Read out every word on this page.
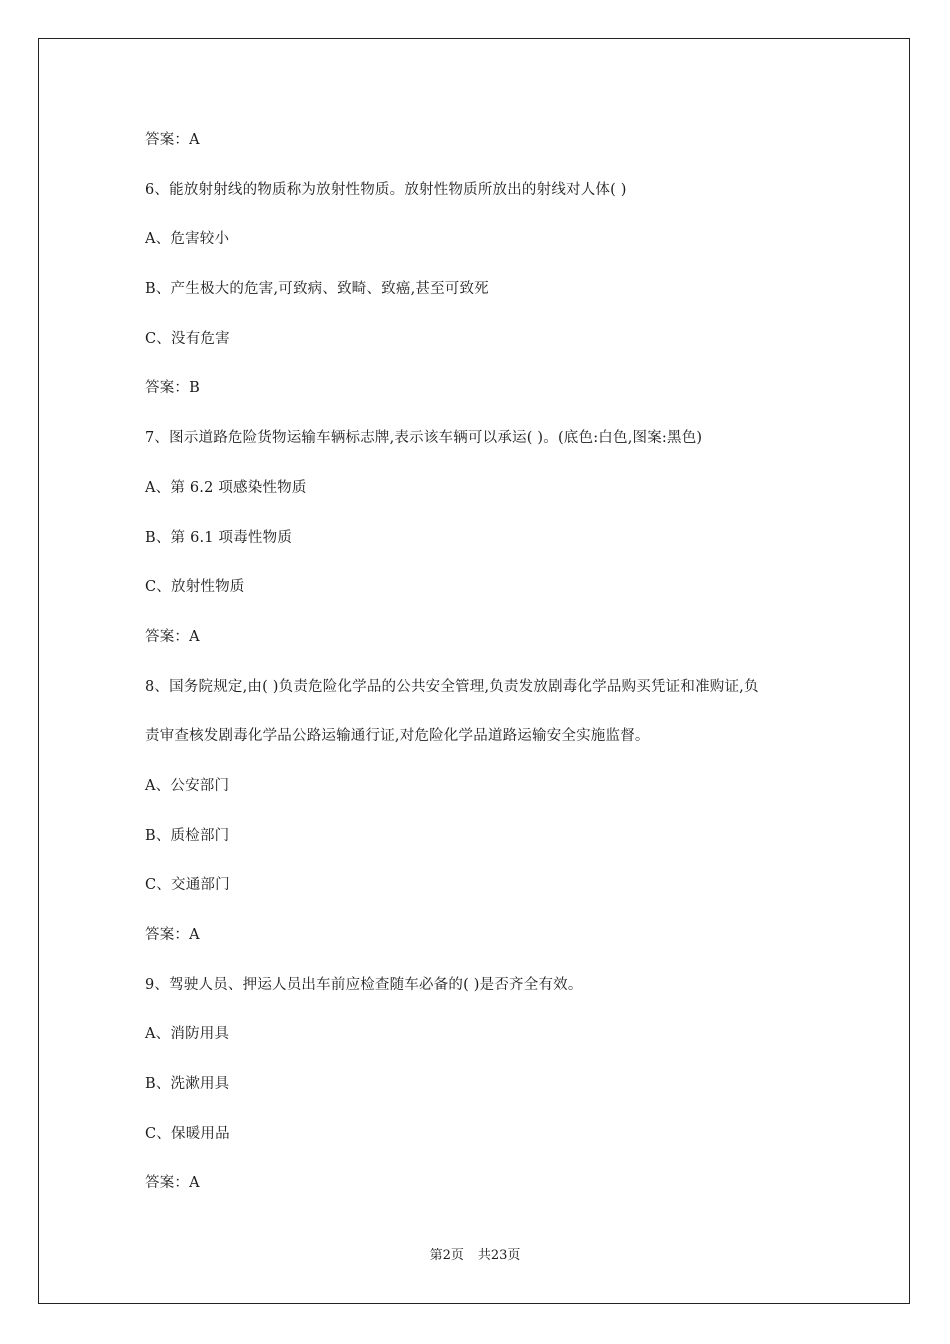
答案：A
6、能放射射线的物质称为放射性物质。放射性物质所放出的射线对人体( )
A、危害较小
B、产生极大的危害,可致病、致畸、致癌,甚至可致死
C、没有危害
答案：B
7、图示道路危险货物运输车辆标志牌,表示该车辆可以承运( )。(底色:白色,图案:黑色)
A、第 6.2 项感染性物质
B、第 6.1 项毒性物质
C、放射性物质
答案：A
8、国务院规定,由( )负责危险化学品的公共安全管理,负责发放剧毒化学品购买凭证和准购证,负
责审查核发剧毒化学品公路运输通行证,对危险化学品道路运输安全实施监督。
A、公安部门
B、质检部门
C、交通部门
答案：A
9、驾驶人员、押运人员出车前应检查随车必备的( )是否齐全有效。
A、消防用具
B、洗漱用具
C、保暖用品
答案：A
第2页 共23页
